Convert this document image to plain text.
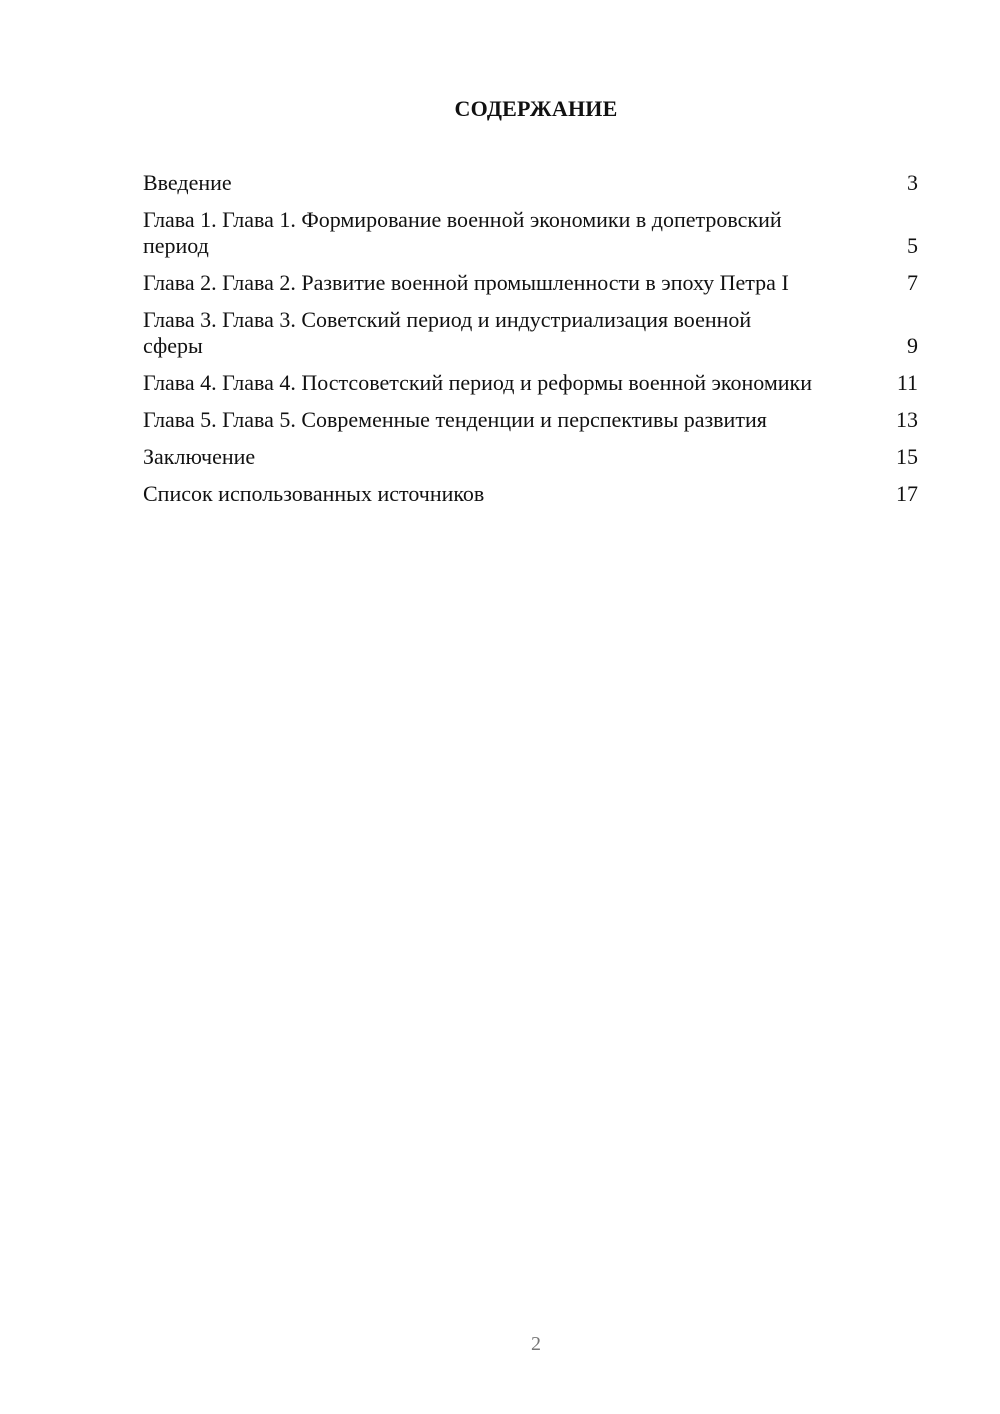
СОДЕРЖАНИЕ
Введение	3
Глава 1. Глава 1. Формирование военной экономики в допетровский период	5
Глава 2. Глава 2. Развитие военной промышленности в эпоху Петра I	7
Глава 3. Глава 3. Советский период и индустриализация военной сферы	9
Глава 4. Глава 4. Постсоветский период и реформы военной экономики	11
Глава 5. Глава 5. Современные тенденции и перспективы развития	13
Заключение	15
Список использованных источников	17
2
